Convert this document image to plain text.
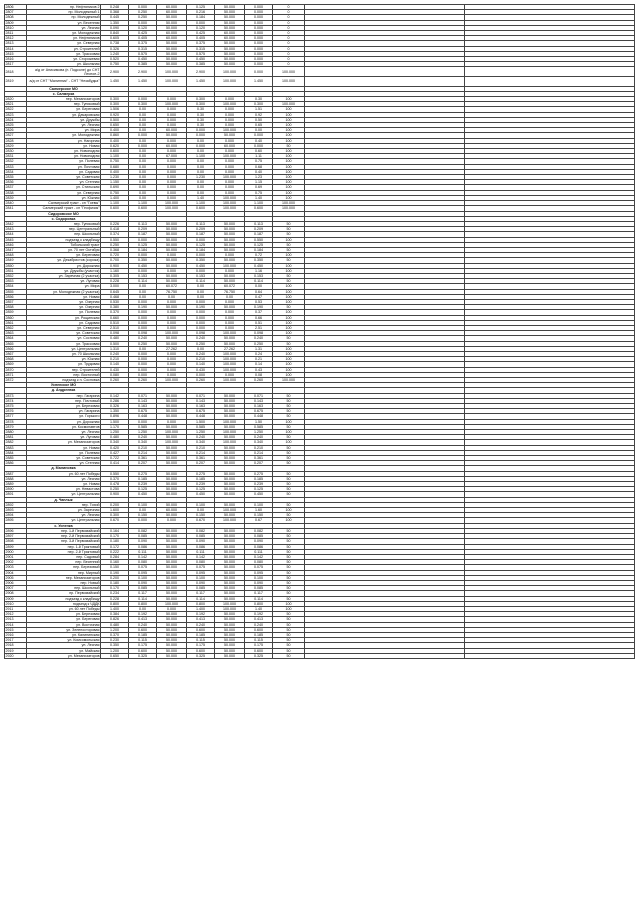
2806	пр. Нефтяников 2	0.248	0.000	60.000	0.125	50.000	0.000	0		
2807	пр. Молодежный 1	0.368	0.250	60.000	0.216	50.000	0.000	0		
2808	пр. Молодежный	0.445	0.250	50.000	0.184	50.000	0.000	0		
2809	ул. Весенняя	1.350	0.000	50.000	0.000	50.000	0.000	0		
2810	ул. Лесная	0.090	0.120	50.000	0.120	50.000	0.000	0		
2811	ул. Молодежная	0.840	0.425	60.000	0.425	60.000	0.000	0		
2812	ул. Нефтяников	0.605	0.405	60.000	0.405	60.000	0.000	0		
2813	ул. Северная	0.738	0.375	50.000	0.375	50.000	0.000	0		
2814	ул. Строителей	0.326	0.315	50.000	0.315	50.000	0.000	0		
2815	ул. Трассовая	1.240	0.575	50.000	0.575	50.000	0.000	0		
2816	ул. Сторожевая	0.520	0.450	50.000	0.450	50.000	0.000	0		
2817	ул. Школьная	0.750	0.385	50.000	0.385	50.000	0.000	0		
2818	а/д от Анисимова (п. Подсоле) до СНТ Лесное-2	2.900	2.900	100.000	2.900	100.000	0.000	100.000		
2819	а/д от СНТ "Малинник" - СНТ "Незабудка"	1.450	1.450	100.000	1.450	100.000	1.450	100.000		
	Салмерское МО									
	с. Салмерка									
2820	пер. Механизаторов	0.300	0.000	0.000	0.300	0.000	0.30	100		
2821	пер. Тупиковый	0.300	0.300	100.000	0.300	100.000	0.300	100.000		
2822	ул. Береговая	1.506	0.00	0.000	0.30	0.000	1.51	100		
2823	ул. Дачаровская	0.920	0.00	0.000	0.30	0.000	0.92	100		
2824	ул. Дружбы	0.500	0.00	0.000	0.30	0.000	0.50	100		
2825	ул. Лесная	0.650	0.00	0.000	0.30	0.000	0.65	100		
2826	ул. Мира	0.400	0.00	60.000	0.000	100.000	0.00	100		
2827	ул. Молодежная	0.860	0.000	50.000	0.000	50.000	0.000	100		
2828	ул. Нагорная	0.400	0.00	0.000	0.00	0.000	0.40	100		
2829	ул. Новая	0.620	0.000	60.000	0.000	60.000	0.000	50		
2830	ул. Новоподгая	0.600	0.00	0.000	0.00	0.000	0.60	100		
2831	ул. Новоподгая	1.100	0.00	67.000	1.100	100.000	1.11	100		
2832	ул. Полевая	0.750	0.00	0.000	0.00	0.000	0.75	100		
2833	ул. Почтовая	0.680	0.00	0.000	0.00	0.000	0.68	100		
2834	ул. Садовая	0.400	0.00	0.000	0.00	0.000	0.40	100		
2835	ул. Советская	1.230	0.00	0.000	1.230	100.000	1.23	100		
2836	ул. Степная	1.150	0.00	0.000	0.00	0.000	1.15	100		
2837	ул. Стильская	0.690	0.00	0.000	0.00	0.000	0.69	100		
2838	ул. Северная	0.750	0.00	0.000	0.00	0.000	0.75	100		
2839	ул. Южная	1.400	0.00	0.000	1.40	100.000	1.40	100		
2840	Салмерский тракт - сн "Гоевы"	1.100	1.100	100.000	1.100	100.000	1.100	100.000		
2841	Салмерский тракт - сн "Геофизик"	0.600	0.600	100.000	0.600	100.000	0.600	100.000		
	Сидоровское МО									
	с. Сидоровка									
2842	пер. Тупиковый	0.226	0.113	50.000	0.113	50.000	0.113	50		
2843	пер. Центральный	0.418	0.209	50.000	0.209	50.000	0.209	50		
2844	пер. Школьный	0.374	0.187	50.000	0.187	50.000	0.187	50		
2845	подъезд к кладбищу	0.550	0.000	50.000	0.000	50.000	0.550	100		
2846	Тобольский тракт	0.250	0.125	50.000	0.125	50.000	0.125	50		
2847	ул. 70 лет Октября	0.368	0.184	50.000	0.184	50.000	0.184	50		
2848	ул. Береговая	0.720	0.000	0.000	0.000	0.000	0.72	100		
2849	ул. Декабристов (сорока)	0.700	0.350	50.000	0.350	50.000	0.350	50		
2850	ул. Дорожная	0.900	0.450	50.000	0.450	100.000	0.450	100		
2851	ул. Дружбы (участок)	1.160	0.000	0.000	0.000	0.000	1.16	100		
2852	ул. Заречная (2 участка)	0.305	0.153	50.000	0.153	50.000	0.153	50		
2853	ул. Луговая	0.228	0.114	50.000	0.114	50.000	0.114	50		
2854	ул. Мира	3.000	0.00	60.072	0.00	60.072	0.00	100		
2855	ул. Молодежная (2 участка)	0.645	0.00	76.750	0.00	76.750	0.64	100		
2856	ул. Новая	0.468	0.00	0.00	0.00	0.00	0.47	100		
2857	ул. Озерная	0.530	0.000	0.000	0.000	0.000	0.53	100		
2858	ул. Озерная	0.380	0.190	50.000	0.190	50.000	0.190	50		
2859	ул. Полевая	0.370	0.000	0.000	0.000	0.000	0.37	100		
2860	ул. Рощинская	0.660	0.000	0.000	0.000	0.000	0.66	100		
2861	ул. Садовая	0.510	0.000	0.000	0.000	0.000	0.51	100		
2862	ул. Северная	2.510	0.000	0.000	0.000	0.000	2.51	100		
2863	ул. Советская	0.098	0.098	100.000	0.098	100.000	0.098	100		
2864	ул. Сосновая	0.480	0.240	50.000	0.240	50.000	0.240	50		
2865	ул. Трассовая	0.500	0.250	50.000	0.250	50.000	0.250	50		
2866	ул. Центральная	1.310	0.00	27.262	0.00	27.262	1.31	100		
2867	ул. 70 Школьная	0.240	0.000	0.000	0.240	100.000	0.24	100		
2868	ул. Южная	0.210	0.000	0.000	0.210	100.000	0.21	100		
2869	ул. Трудовая	0.140	0.000	0.000	0.140	100.000	0.14	100		
2870	пер. Строителей	0.430	0.000	0.000	0.430	100.000	0.43	100		
2871	пер. Восточный	0.080	0.000	0.000	0.000	0.000	0.08	100		
2872	подъезд к п. Сосновка	0.260	0.260	100.000	0.260	100.000	0.260	100.000		
	Успенское МО									
	д. Андреевка									
2873	пер. Гагарина	0.142	0.071	50.000	0.071	50.000	0.071	50		
2874	пер. Почтовый	0.286	0.143	50.000	0.143	50.000	0.143	50		
2875	ул. Березовая	0.326	0.163	50.000	0.163	50.000	0.163	50		
2876	ул. Гагарина	1.350	0.675	50.000	0.675	50.000	0.675	50		
2877	ул. Горького	0.896	0.448	50.000	0.448	50.000	0.448	50		
2878	ул. Дорожная	1.500	0.000	0.000	1.500	100.000	1.50	100		
2879	ул. Космонавтов	1.170	0.585	50.000	0.585	50.000	0.585	50		
2880	ул. Лесная	1.250	1.250	100.000	1.250	100.000	1.250	100		
2881	ул. Луговая	0.480	0.240	50.000	0.240	50.000	0.240	50		
2882	ул. Механизаторов	0.340	0.340	100.000	0.340	100.000	0.340	100		
2883	ул. Новая	0.420	0.210	50.000	0.210	50.000	0.210	50		
2884	ул. Полевая	0.427	0.214	50.000	0.214	50.000	0.214	50		
2885	ул. Советская	0.722	0.361	50.000	0.361	50.000	0.361	50		
2886	ул. Степная	0.414	0.207	50.000	0.207	50.000	0.207	50		
	д. Малиновка									
2887	ул. 60 лет Победы	0.550	0.275	50.000	0.275	50.000	0.275	50		
2888	ул. Лесная	0.370	0.185	50.000	0.185	50.000	0.185	50		
2889	ул. Новая	0.478	0.239	50.000	0.239	50.000	0.239	50		
2890	ул. Невастова	0.250	0.125	50.000	0.125	50.000	0.125	50		
2891	ул. Центральная	0.900	0.450	50.000	0.450	50.000	0.450	50		
	д. Чаплык									
2892	пер. Тихий	0.200	0.100	50.000	0.100	50.000	0.100	50		
2893	ул. Заречная	1.600	0.00	60.000	0.00	100.000	1.60	100		
2894	ул. Лесная	0.300	0.150	50.000	0.150	50.000	0.150	50		
2895	ул. Центральная	0.670	0.000	0.000	0.670	100.000	0.67	100		
	с. Успенка									
2896	пер. 1-й Первомайский	0.164	0.082	50.000	0.082	50.000	0.082	50		
2897	пер. 2-й Первомайский	0.170	0.085	50.000	0.085	50.000	0.085	50		
2898	пер. 3-й Первомайский	0.180	0.090	50.000	0.090	50.000	0.090	50		
2899	пер. 1-й Трактовый	0.172	0.086	50.000	0.086	50.000	0.086	50		
2900	пер. 2-й Трактовый	0.222	0.111	50.000	0.111	50.000	0.111	50		
2901	пер. Садовый	0.284	0.142	50.000	0.142	50.000	0.142	50		
2902	пер. Весенний	0.160	0.080	50.000	0.080	50.000	0.080	50		
2903	пер. Березовый	0.150	0.075	50.000	0.075	50.000	0.075	50		
2904	пер. Мирный	0.190	0.095	50.000	0.095	50.000	0.095	50		
2905	пер. Механизаторов	0.200	0.100	50.000	0.100	50.000	0.100	50		
2906	пер. Новый	0.180	0.090	50.000	0.090	50.000	0.090	50		
2907	пер. Школьный	0.170	0.085	50.000	0.085	50.000	0.085	50		
2908	пр. Первомайский	0.234	0.117	50.000	0.117	50.000	0.117	50		
2909	подъезд к кладбищу	0.228	0.114	50.000	0.114	50.000	0.114	50		
2910	подъезд к ЧДДК	0.800	0.800	100.000	0.800	100.000	0.800	100		
2911	ул. 60 лет Победы	1.400	0.00	0.000	1.400	100.000	1.40	100		
2912	ул. Березовая	0.384	0.192	50.000	0.192	50.000	0.192	50		
2913	ул. Береговая	0.826	0.413	50.000	0.413	50.000	0.413	50		
2914	ул. Восточная	0.480	0.240	50.000	0.240	50.000	0.240	50		
2915	ул. Зеленосторовая	1.200	0.600	50.000	0.600	50.000	0.600	50		
2916	ул. Калининская	0.370	0.185	50.000	0.185	50.000	0.185	50		
2917	ул. Комсомольская	0.230	0.115	50.000	0.115	50.000	0.115	50		
2918	ул. Лесная	0.350	0.175	50.000	0.175	50.000	0.175	50		
2919	ул. Майская	1.200	0.600	50.000	0.600	50.000	0.600	50		
2920	ул. Механизаторов	0.650	0.325	50.000	0.325	50.000	0.325	50		
